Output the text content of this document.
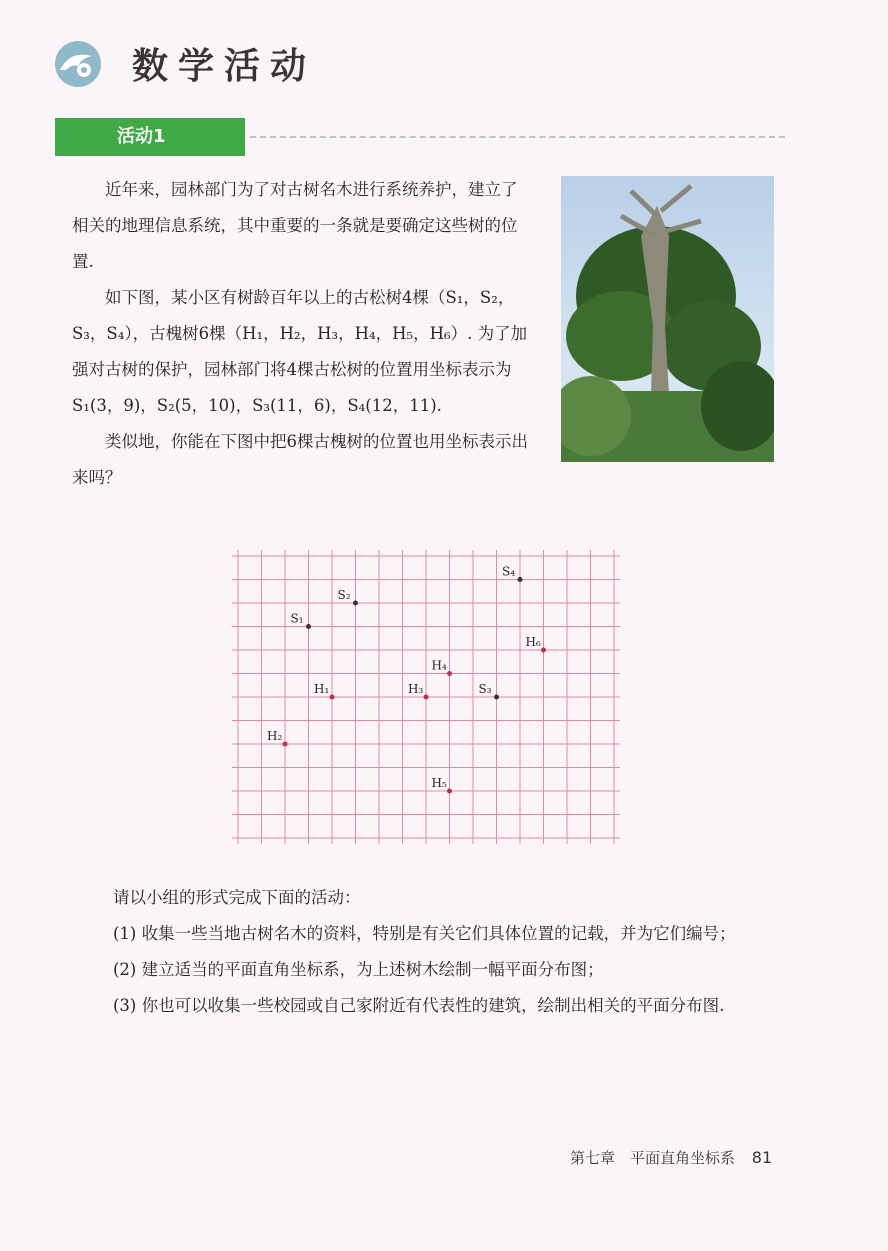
数学活动
活动1

近年来，园林部门为了对古树名木进行系统养护，建立了相关的地理信息系统，其中重要的一条就是要确定这些树的位置.

如下图，某小区有树龄百年以上的古松树4棵（S₁，S₂，S₃，S₄），古槐树6棵（H₁，H₂，H₃，H₄，H₅，H₆）. 为了加强对古树的保护，园林部门将4棵古松树的位置用坐标表示为S₁(3，9)，S₂(5，10)，S₃(11，6)，S₄(12，11).

类似地，你能在下图中把6棵古槐树的位置也用坐标表示出来吗？

S₁
S₂
S₃
S₄
H₁
H₂
H₃
H₄
H₅
H₆

请以小组的形式完成下面的活动：

(1) 收集一些当地古树名木的资料，特别是有关它们具体位置的记载，并为它们编号；

(2) 建立适当的平面直角坐标系，为上述树木绘制一幅平面分布图；

(3) 你也可以收集一些校园或自己家附近有代表性的建筑，绘制出相关的平面分布图.

第七章　平面直角坐标系 81
